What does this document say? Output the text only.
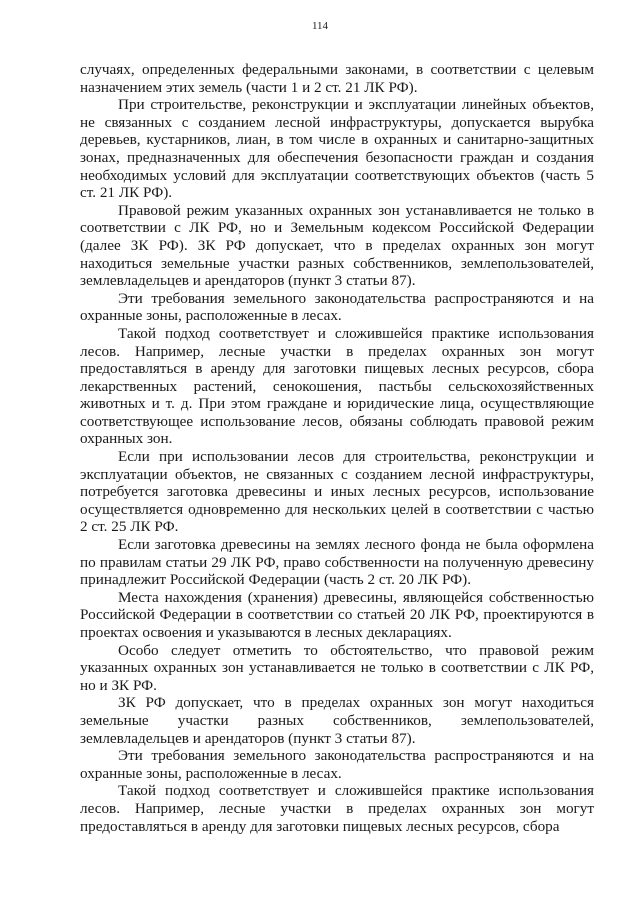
114

случаях, определенных федеральными законами, в соответствии с целевым назначением этих земель (части 1 и 2 ст. 21 ЛК РФ).

При строительстве, реконструкции и эксплуатации линейных объектов, не связанных с созданием лесной инфраструктуры, допускается вырубка деревьев, кустарников, лиан, в том числе в охранных и санитарно-защитных зонах, предназначенных для обеспечения безопасности граждан и создания необходимых условий для эксплуатации соответствующих объектов (часть 5 ст. 21 ЛК РФ).

Правовой режим указанных охранных зон устанавливается не только в соответствии с ЛК РФ, но и Земельным кодексом Российской Федерации (далее ЗК РФ). ЗК РФ допускает, что в пределах охранных зон могут находиться земельные участки разных собственников, землепользователей, землевладельцев и арендаторов (пункт 3 статьи 87).

Эти требования земельного законодательства распространяются и на охранные зоны, расположенные в лесах.

Такой подход соответствует и сложившейся практике использования лесов. Например, лесные участки в пределах охранных зон могут предоставляться в аренду для заготовки пищевых лесных ресурсов, сбора лекарственных растений, сенокошения, пастьбы сельскохозяйственных животных и т. д. При этом граждане и юридические лица, осуществляющие соответствующее использование лесов, обязаны соблюдать правовой режим охранных зон.

Если при использовании лесов для строительства, реконструкции и эксплуатации объектов, не связанных с созданием лесной инфраструктуры, потребуется заготовка древесины и иных лесных ресурсов, использование осуществляется одновременно для нескольких целей в соответствии с частью 2 ст. 25 ЛК РФ.

Если заготовка древесины на землях лесного фонда не была оформлена по правилам статьи 29 ЛК РФ, право собственности на полученную древесину принадлежит Российской Федерации (часть 2 ст. 20 ЛК РФ).

Места нахождения (хранения) древесины, являющейся собственностью Российской Федерации в соответствии со статьей 20 ЛК РФ, проектируются в проектах освоения и указываются в лесных декларациях.

Особо следует отметить то обстоятельство, что правовой режим указанных охранных зон устанавливается не только в соответствии с ЛК РФ, но и ЗК РФ.

ЗК РФ допускает, что в пределах охранных зон могут находиться земельные участки разных собственников, землепользователей, землевладельцев и арендаторов (пункт 3 статьи 87).

Эти требования земельного законодательства распространяются и на охранные зоны, расположенные в лесах.

Такой подход соответствует и сложившейся практике использования лесов. Например, лесные участки в пределах охранных зон могут предоставляться в аренду для заготовки пищевых лесных ресурсов, сбора
